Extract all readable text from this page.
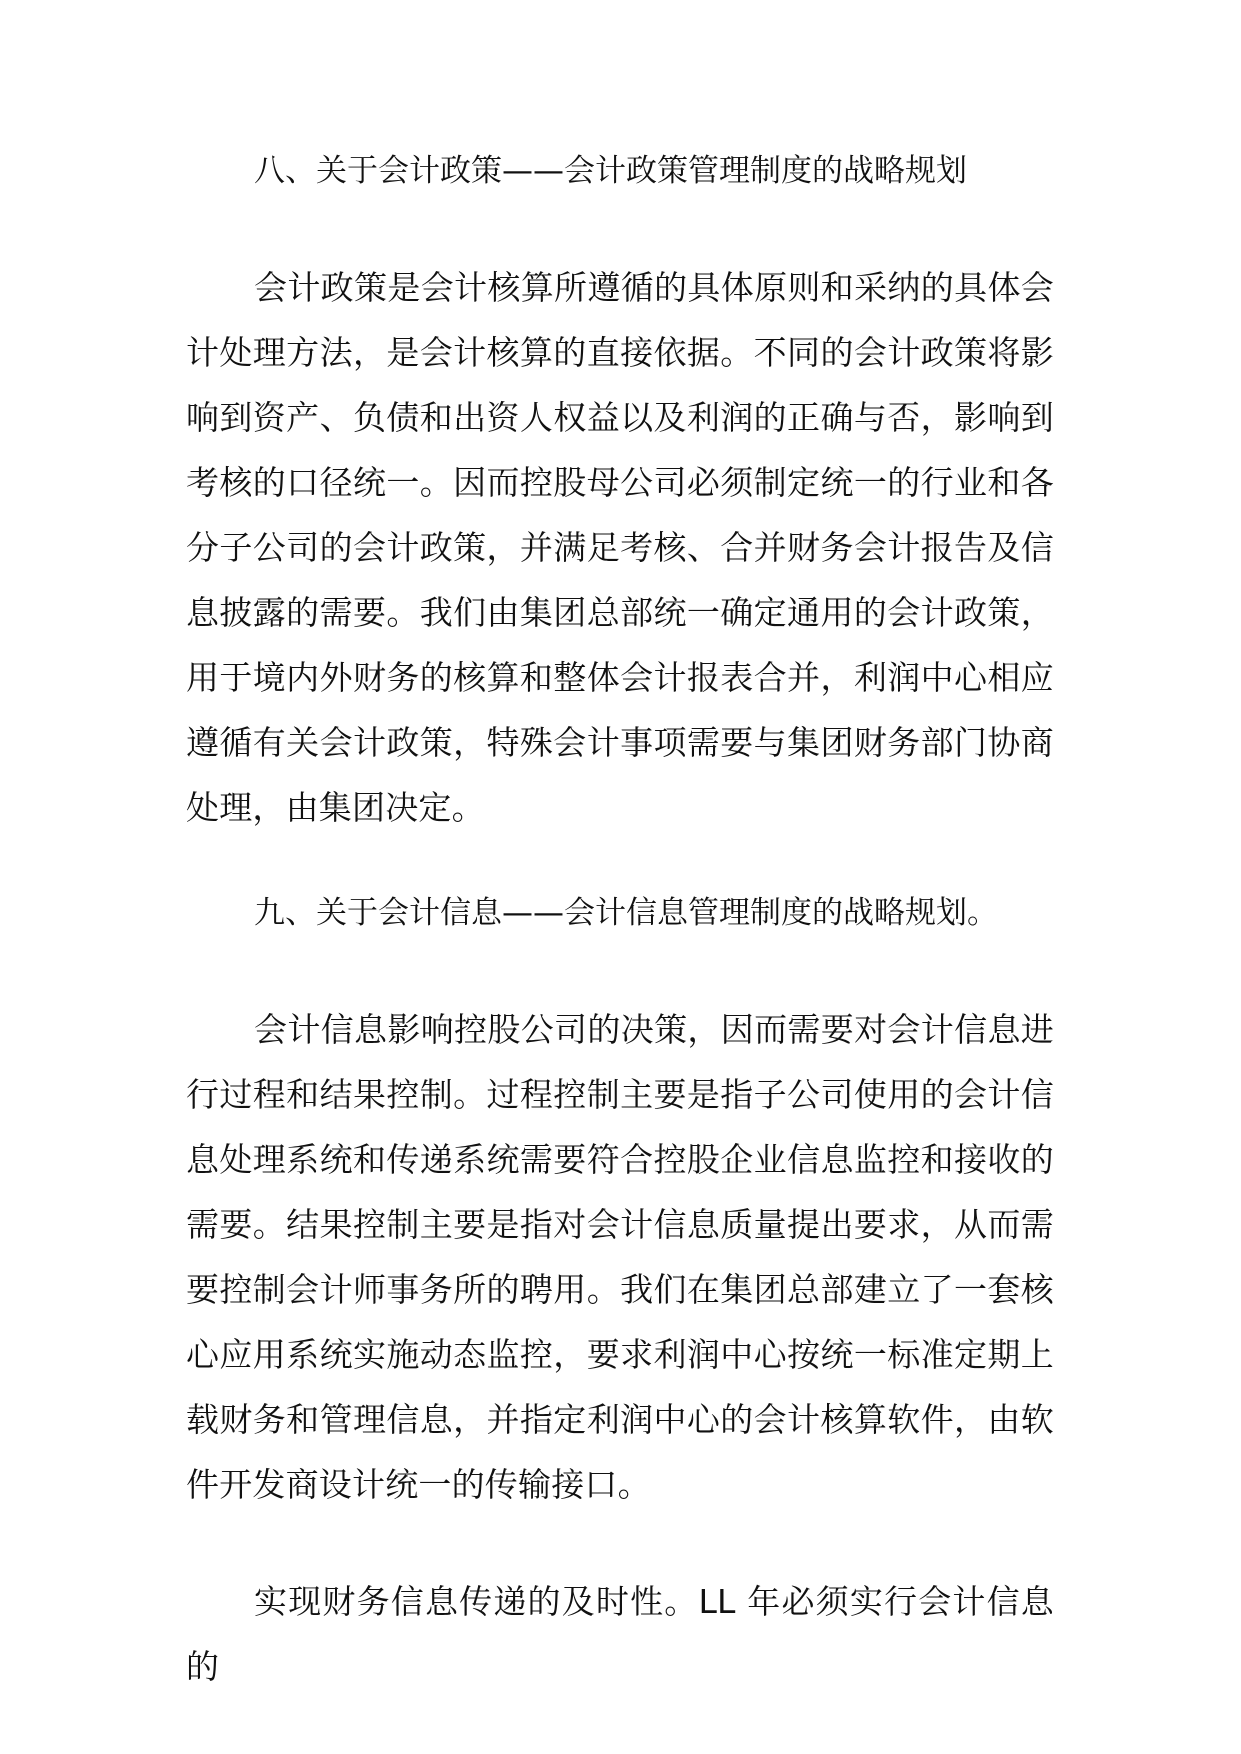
八、关于会计政策——会计政策管理制度的战略规划

会计政策是会计核算所遵循的具体原则和采纳的具体会计处理方法，是会计核算的直接依据。不同的会计政策将影响到资产、负债和出资人权益以及利润的正确与否，影响到考核的口径统一。因而控股母公司必须制定统一的行业和各分子公司的会计政策，并满足考核、合并财务会计报告及信息披露的需要。我们由集团总部统一确定通用的会计政策，用于境内外财务的核算和整体会计报表合并，利润中心相应遵循有关会计政策，特殊会计事项需要与集团财务部门协商处理，由集团决定。

九、关于会计信息——会计信息管理制度的战略规划。

会计信息影响控股公司的决策，因而需要对会计信息进行过程和结果控制。过程控制主要是指子公司使用的会计信息处理系统和传递系统需要符合控股企业信息监控和接收的需要。结果控制主要是指对会计信息质量提出要求，从而需要控制会计师事务所的聘用。我们在集团总部建立了一套核心应用系统实施动态监控，要求利润中心按统一标准定期上载财务和管理信息，并指定利润中心的会计核算软件，由软件开发商设计统一的传输接口。

实现财务信息传递的及时性。LL 年必须实行会计信息的
